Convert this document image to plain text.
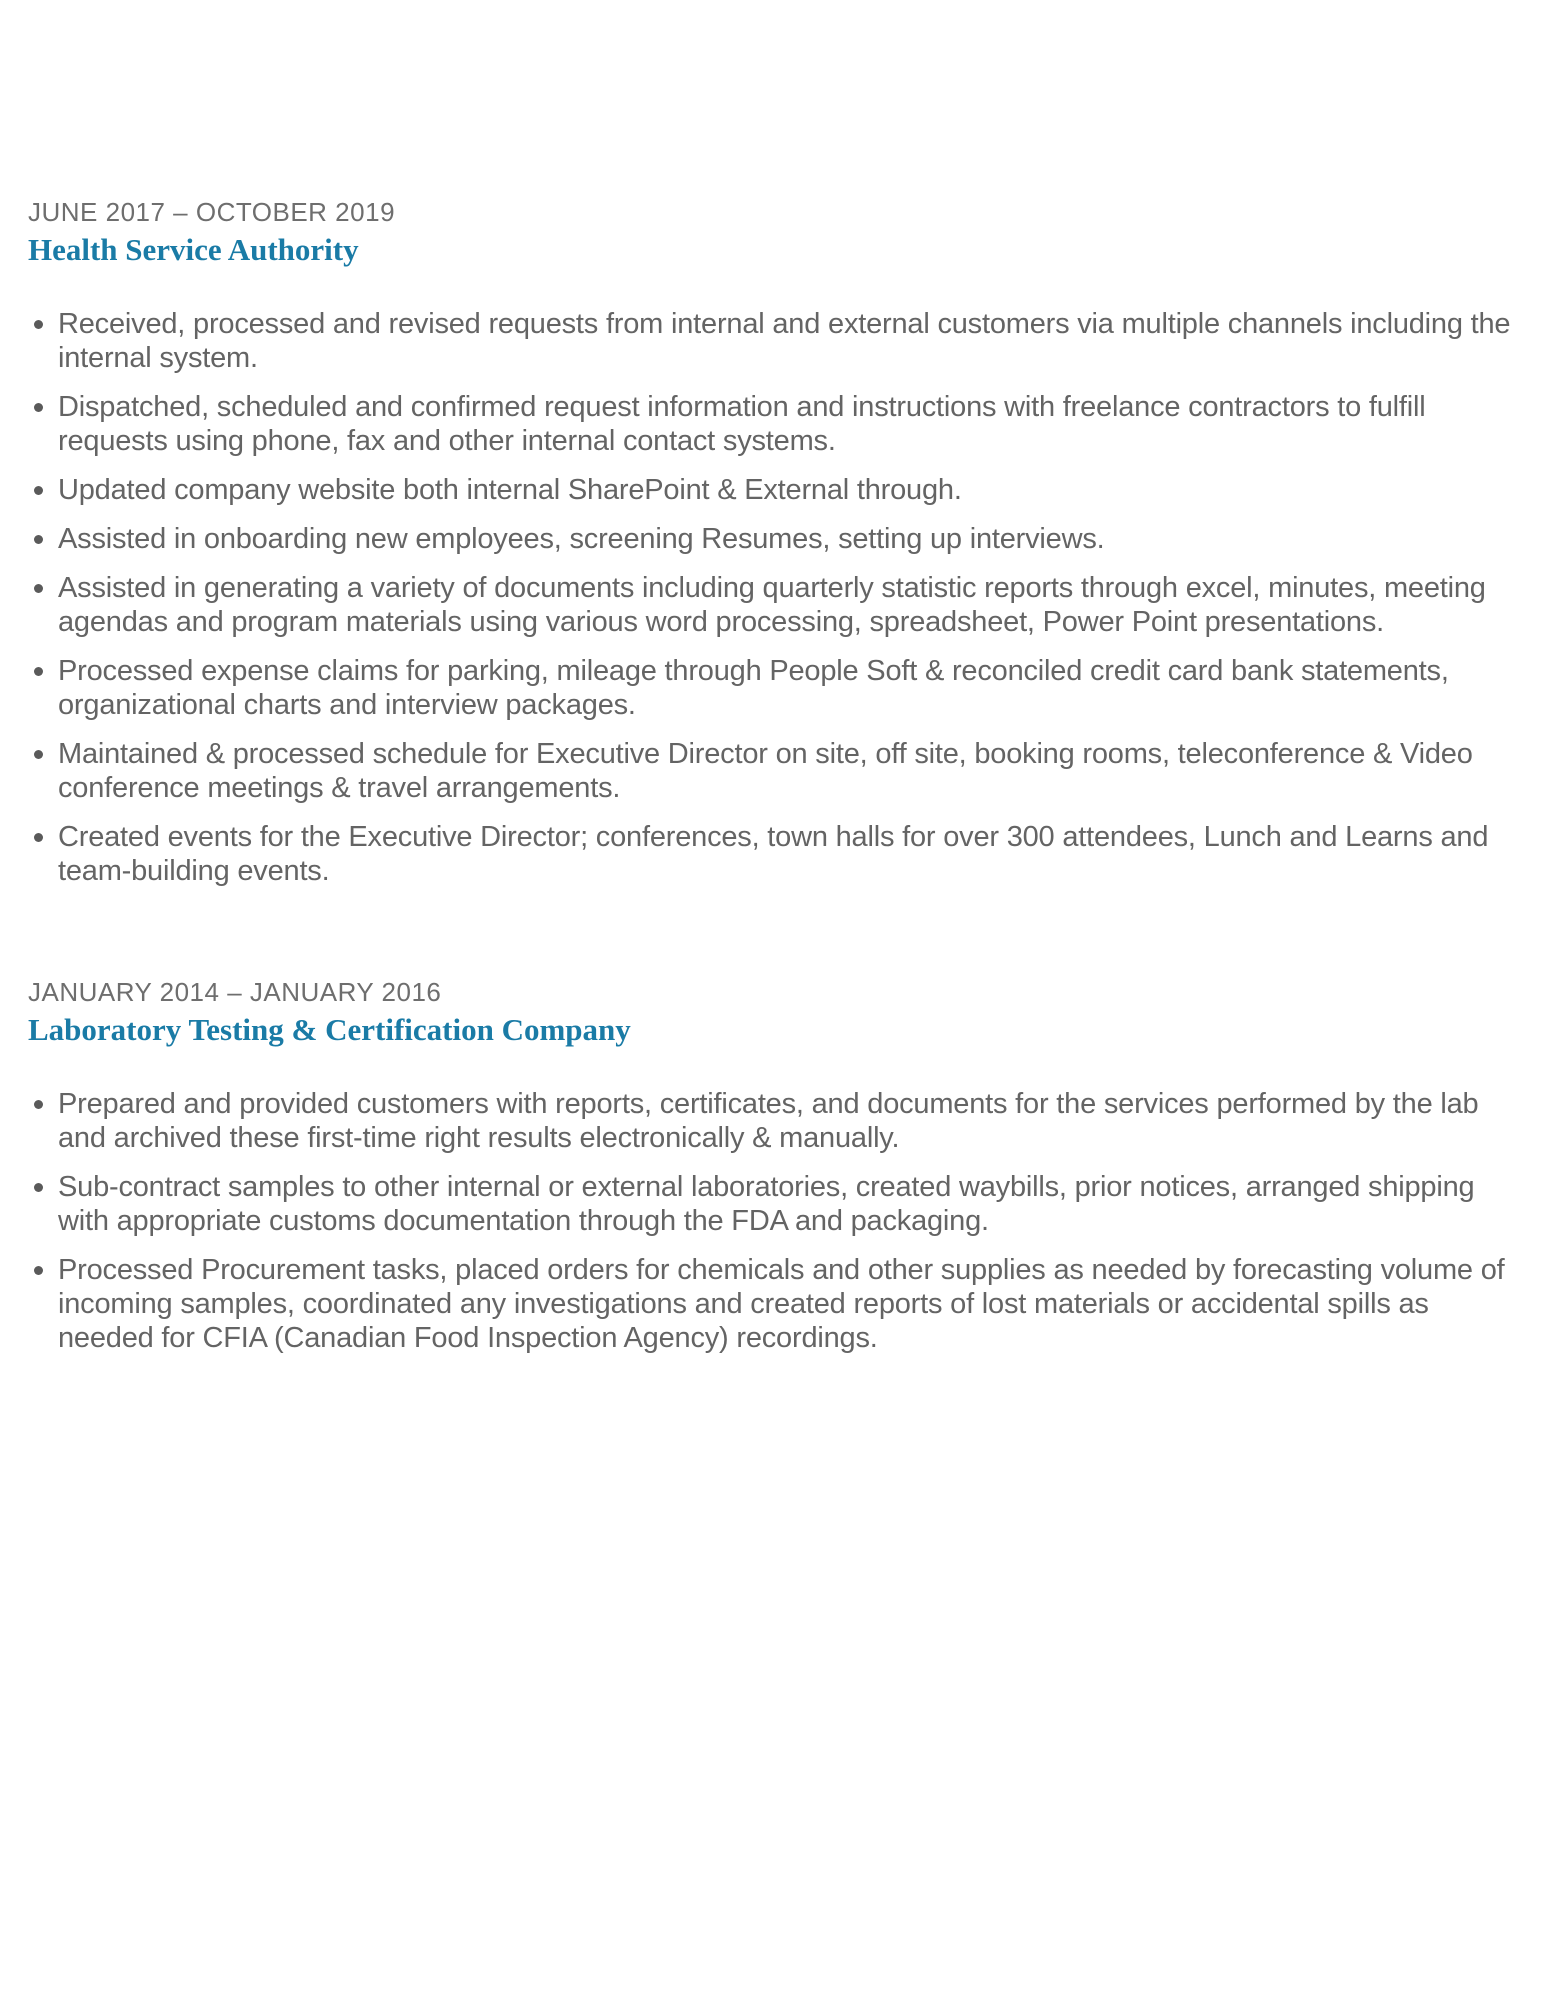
JUNE 2017 – OCTOBER 2019
Health Service Authority
Received, processed and revised requests from internal and external customers via multiple channels including the internal system.
Dispatched, scheduled and confirmed request information and instructions with freelance contractors to fulfill requests using phone, fax and other internal contact systems.
Updated company website both internal SharePoint & External through.
Assisted in onboarding new employees, screening Resumes, setting up interviews.
Assisted in generating a variety of documents including quarterly statistic reports through excel, minutes, meeting agendas and program materials using various word processing, spreadsheet, Power Point presentations.
Processed expense claims for parking, mileage through People Soft & reconciled credit card bank statements, organizational charts and interview packages.
Maintained & processed schedule for Executive Director on site, off site, booking rooms, teleconference & Video conference meetings & travel arrangements.
Created events for the Executive Director; conferences, town halls for over 300 attendees, Lunch and Learns and team-building events.
JANUARY 2014 – JANUARY 2016
Laboratory Testing & Certification Company
Prepared and provided customers with reports, certificates, and documents for the services performed by the lab and archived these first-time right results electronically & manually.
Sub-contract samples to other internal or external laboratories, created waybills, prior notices, arranged shipping with appropriate customs documentation through the FDA and packaging.
Processed Procurement tasks, placed orders for chemicals and other supplies as needed by forecasting volume of incoming samples, coordinated any investigations and created reports of lost materials or accidental spills as needed for CFIA (Canadian Food Inspection Agency) recordings.
